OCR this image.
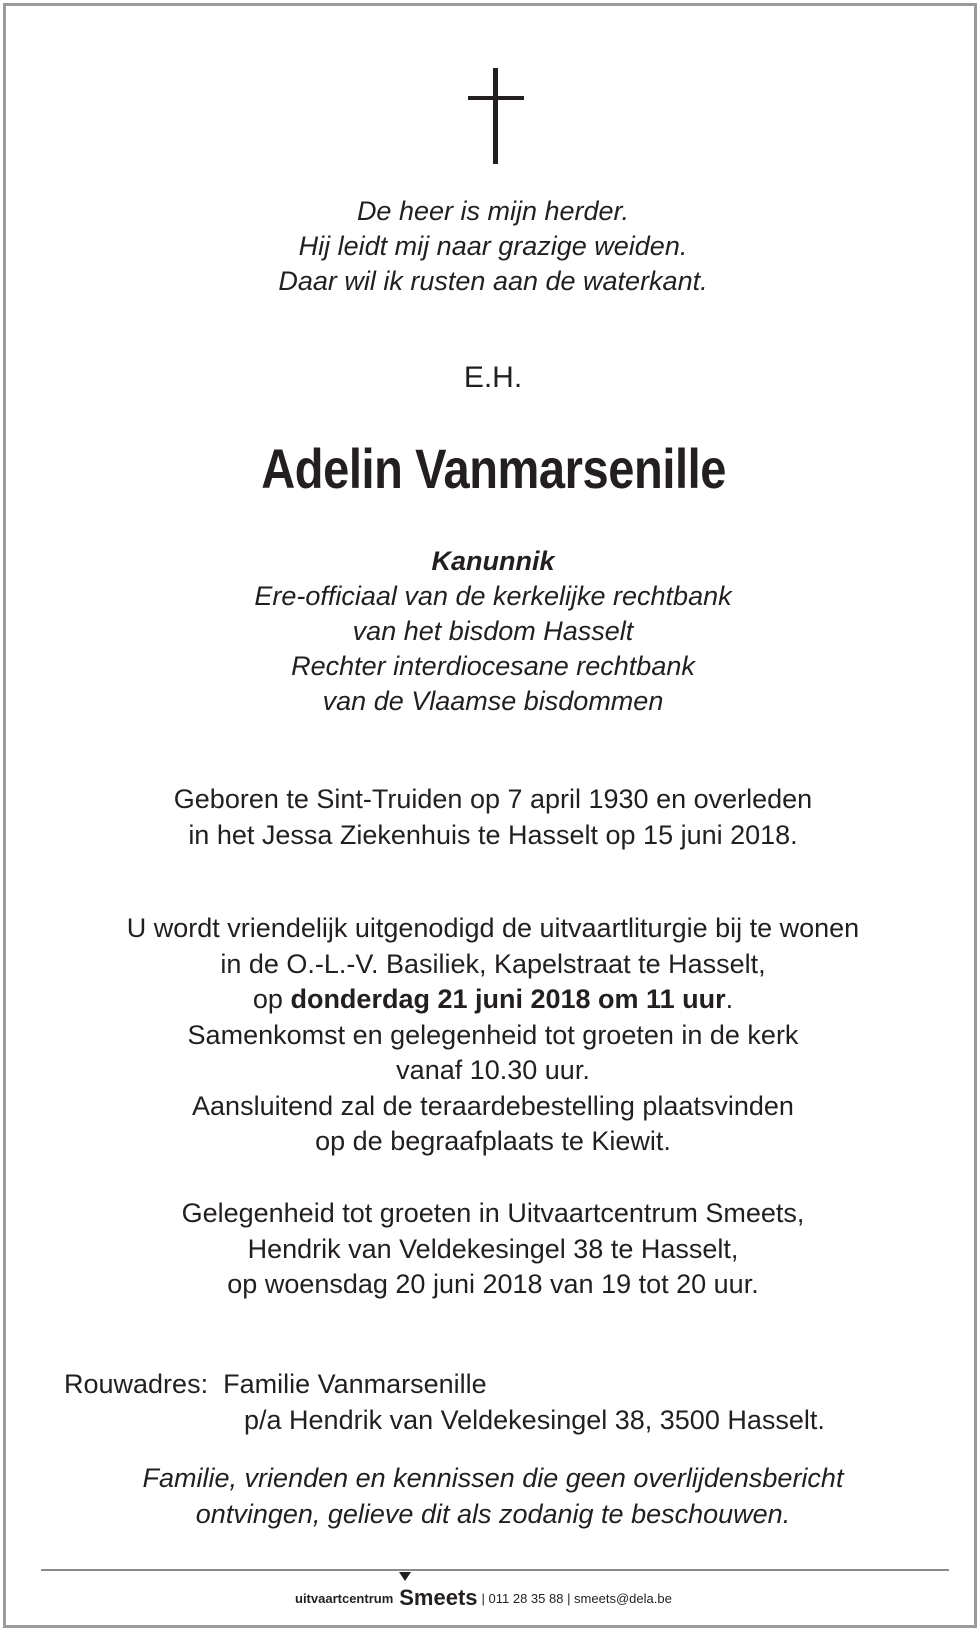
De heer is mijn herder.
Hij leidt mij naar grazige weiden.
Daar wil ik rusten aan de waterkant.
E.H.
Adelin Vanmarsenille
Kanunnik
Ere-officiaal van de kerkelijke rechtbank
van het bisdom Hasselt
Rechter interdiocesane rechtbank
van de Vlaamse bisdommen
Geboren te Sint-Truiden op 7 april 1930 en overleden
in het Jessa Ziekenhuis te Hasselt op 15 juni 2018.
U wordt vriendelijk uitgenodigd de uitvaartliturgie bij te wonen
in de O.-L.-V. Basiliek, Kapelstraat te Hasselt,
op donderdag 21 juni 2018 om 11 uur.
Samenkomst en gelegenheid tot groeten in de kerk
vanaf 10.30 uur.
Aansluitend zal de teraardebestelling plaatsvinden
op de begraafplaats te Kiewit.
Gelegenheid tot groeten in Uitvaartcentrum Smeets,
Hendrik van Veldekesingel 38 te Hasselt,
op woensdag 20 juni 2018 van 19 tot 20 uur.
Rouwadres: Familie Vanmarsenille
p/a Hendrik van Veldekesingel 38, 3500 Hasselt.
Familie, vrienden en kennissen die geen overlijdensbericht
ontvingen, gelieve dit als zodanig te beschouwen.
uitvaartcentrum Smeets | 011 28 35 88 | smeets@dela.be
